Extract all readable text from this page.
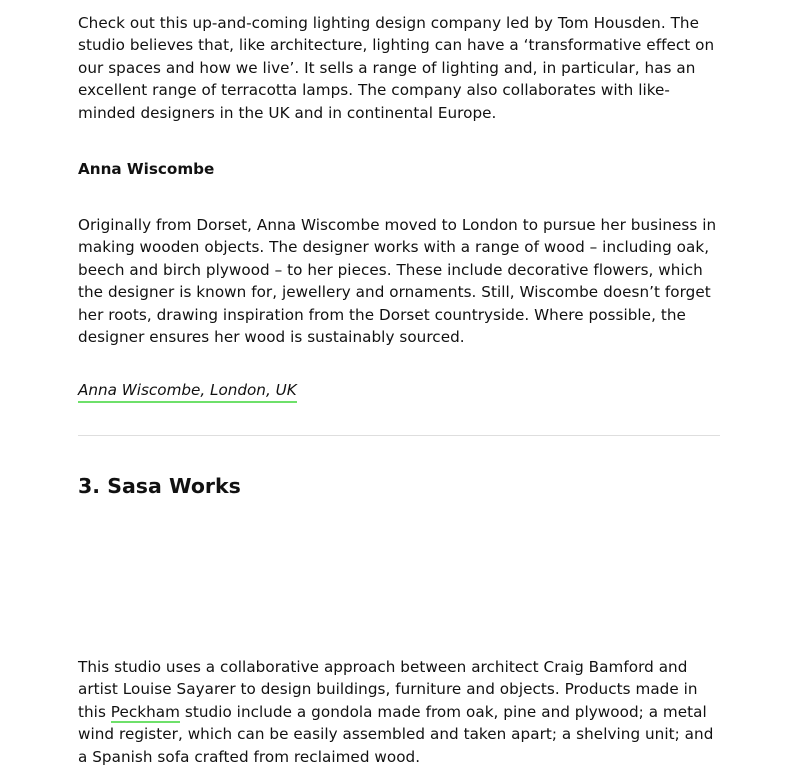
Check out this up-and-coming lighting design company led by Tom Housden. The studio believes that, like architecture, lighting can have a ‘transformative effect on our spaces and how we live’. It sells a range of lighting and, in particular, has an excellent range of terracotta lamps. The company also collaborates with like-minded designers in the UK and in continental Europe.

Anna Wiscombe

Originally from Dorset, Anna Wiscombe moved to London to pursue her business in making wooden objects. The designer works with a range of wood – including oak, beech and birch plywood – to her pieces. These include decorative flowers, which the designer is known for, jewellery and ornaments. Still, Wiscombe doesn’t forget her roots, drawing inspiration from the Dorset countryside. Where possible, the designer ensures her wood is sustainably sourced.

Anna Wiscombe, London, UK
3. Sasa Works

This studio uses a collaborative approach between architect Craig Bamford and artist Louise Sayarer to design buildings, furniture and objects. Products made in this Peckham studio include a gondola made from oak, pine and plywood; a metal wind register, which can be easily assembled and taken apart; a shelving unit; and a Spanish sofa crafted from reclaimed wood.
